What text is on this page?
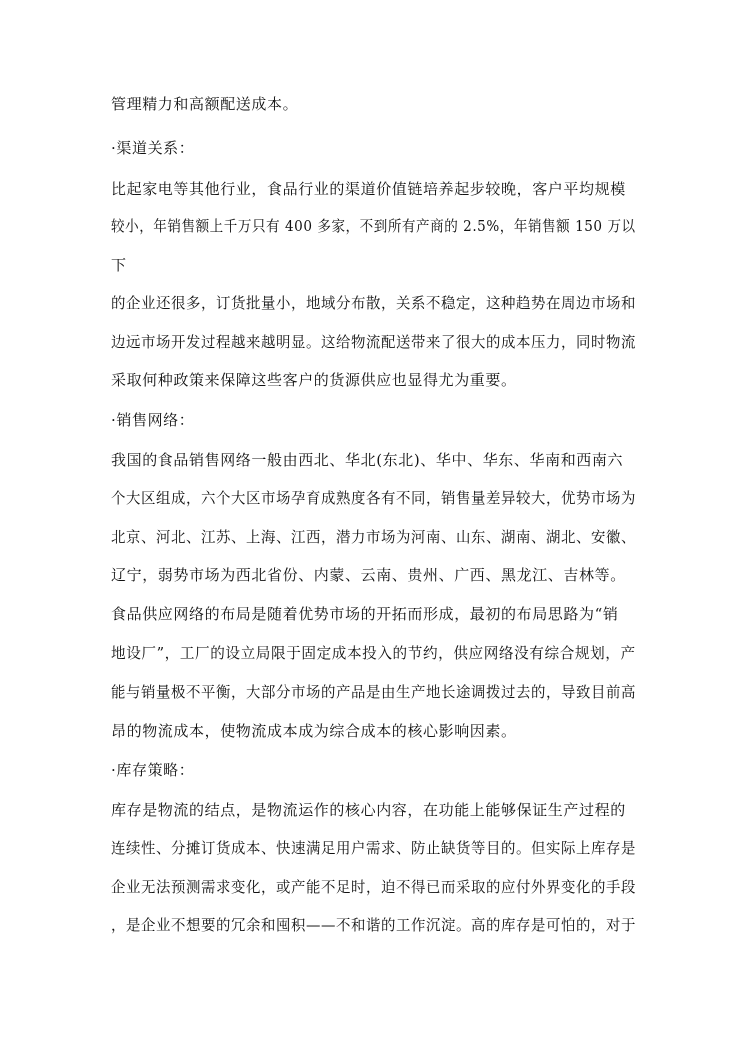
管理精力和高额配送成本。
·渠道关系：
比起家电等其他行业，食品行业的渠道价值链培养起步较晚，客户平均规模
较小，年销售额上千万只有 400 多家，不到所有产商的 2.5%，年销售额 150 万以
下
的企业还很多，订货批量小，地域分布散，关系不稳定，这种趋势在周边市场和
边远市场开发过程越来越明显。这给物流配送带来了很大的成本压力，同时物流
采取何种政策来保障这些客户的货源供应也显得尤为重要。
·销售网络：
我国的食品销售网络一般由西北、华北(东北)、华中、华东、华南和西南六
个大区组成，六个大区市场孕育成熟度各有不同，销售量差异较大，优势市场为
北京、河北、江苏、上海、江西，潜力市场为河南、山东、湖南、湖北、安徽、
辽宁，弱势市场为西北省份、内蒙、云南、贵州、广西、黑龙江、吉林等。
食品供应网络的布局是随着优势市场的开拓而形成，最初的布局思路为“销
地设厂”，工厂的设立局限于固定成本投入的节约，供应网络没有综合规划，产
能与销量极不平衡，大部分市场的产品是由生产地长途调拨过去的，导致目前高
昂的物流成本，使物流成本成为综合成本的核心影响因素。
·库存策略：
库存是物流的结点，是物流运作的核心内容，在功能上能够保证生产过程的
连续性、分摊订货成本、快速满足用户需求、防止缺货等目的。但实际上库存是
企业无法预测需求变化，或产能不足时，迫不得已而采取的应付外界变化的手段
，是企业不想要的冗余和囤积——不和谐的工作沉淀。高的库存是可怕的，对于
